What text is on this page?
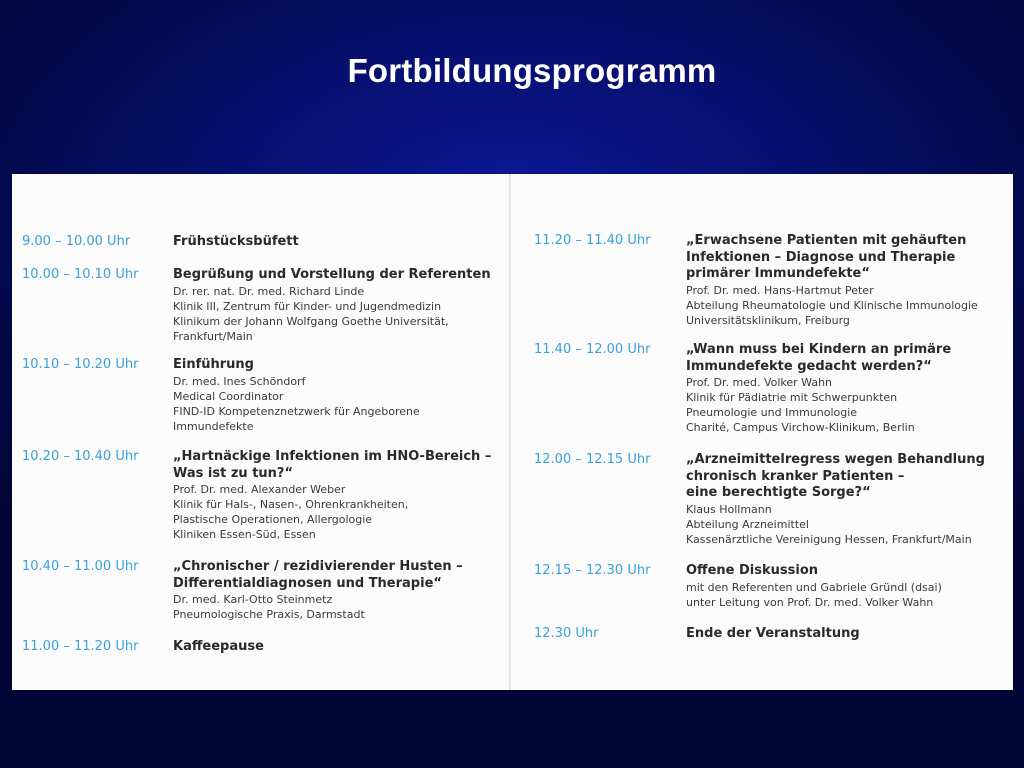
Fortbildungsprogramm
9.00 – 10.00 Uhr	Frühstücksbüfett
10.00 – 10.10 Uhr	Begrüßung und Vorstellung der Referenten
Dr. rer. nat. Dr. med. Richard Linde
Klinik III, Zentrum für Kinder- und Jugendmedizin
Klinikum der Johann Wolfgang Goethe Universität,
Frankfurt/Main
10.10 – 10.20 Uhr	Einführung
Dr. med. Ines Schöndorf
Medical Coordinator
FIND-ID Kompetenznetzwerk für Angeborene
Immundefekte
10.20 – 10.40 Uhr	„Hartnäckige Infektionen im HNO-Bereich –
Was ist zu tun?“
Prof. Dr. med. Alexander Weber
Klinik für Hals-, Nasen-, Ohrenkrankheiten,
Plastische Operationen, Allergologie
Kliniken Essen-Süd, Essen
10.40 – 11.00 Uhr	„Chronischer / rezidivierender Husten –
Differentialdiagnosen und Therapie“
Dr. med. Karl-Otto Steinmetz
Pneumologische Praxis, Darmstadt
11.00 – 11.20 Uhr	Kaffeepause
11.20 – 11.40 Uhr	„Erwachsene Patienten mit gehäuften
Infektionen – Diagnose und Therapie
primärer Immundefekte“
Prof. Dr. med. Hans-Hartmut Peter
Abteilung Rheumatologie und Klinische Immunologie
Universitätsklinikum, Freiburg
11.40 – 12.00 Uhr	„Wann muss bei Kindern an primäre
Immundefekte gedacht werden?“
Prof. Dr. med. Volker Wahn
Klinik für Pädiatrie mit Schwerpunkten
Pneumologie und Immunologie
Charité, Campus Virchow-Klinikum, Berlin
12.00 – 12.15 Uhr	„Arzneimittelregress wegen Behandlung
chronisch kranker Patienten –
eine berechtigte Sorge?“
Klaus Hollmann
Abteilung Arzneimittel
Kassenärztliche Vereinigung Hessen, Frankfurt/Main
12.15 – 12.30 Uhr	Offene Diskussion
mit den Referenten und Gabriele Gründl (dsai)
unter Leitung von Prof. Dr. med. Volker Wahn
12.30 Uhr	Ende der Veranstaltung
